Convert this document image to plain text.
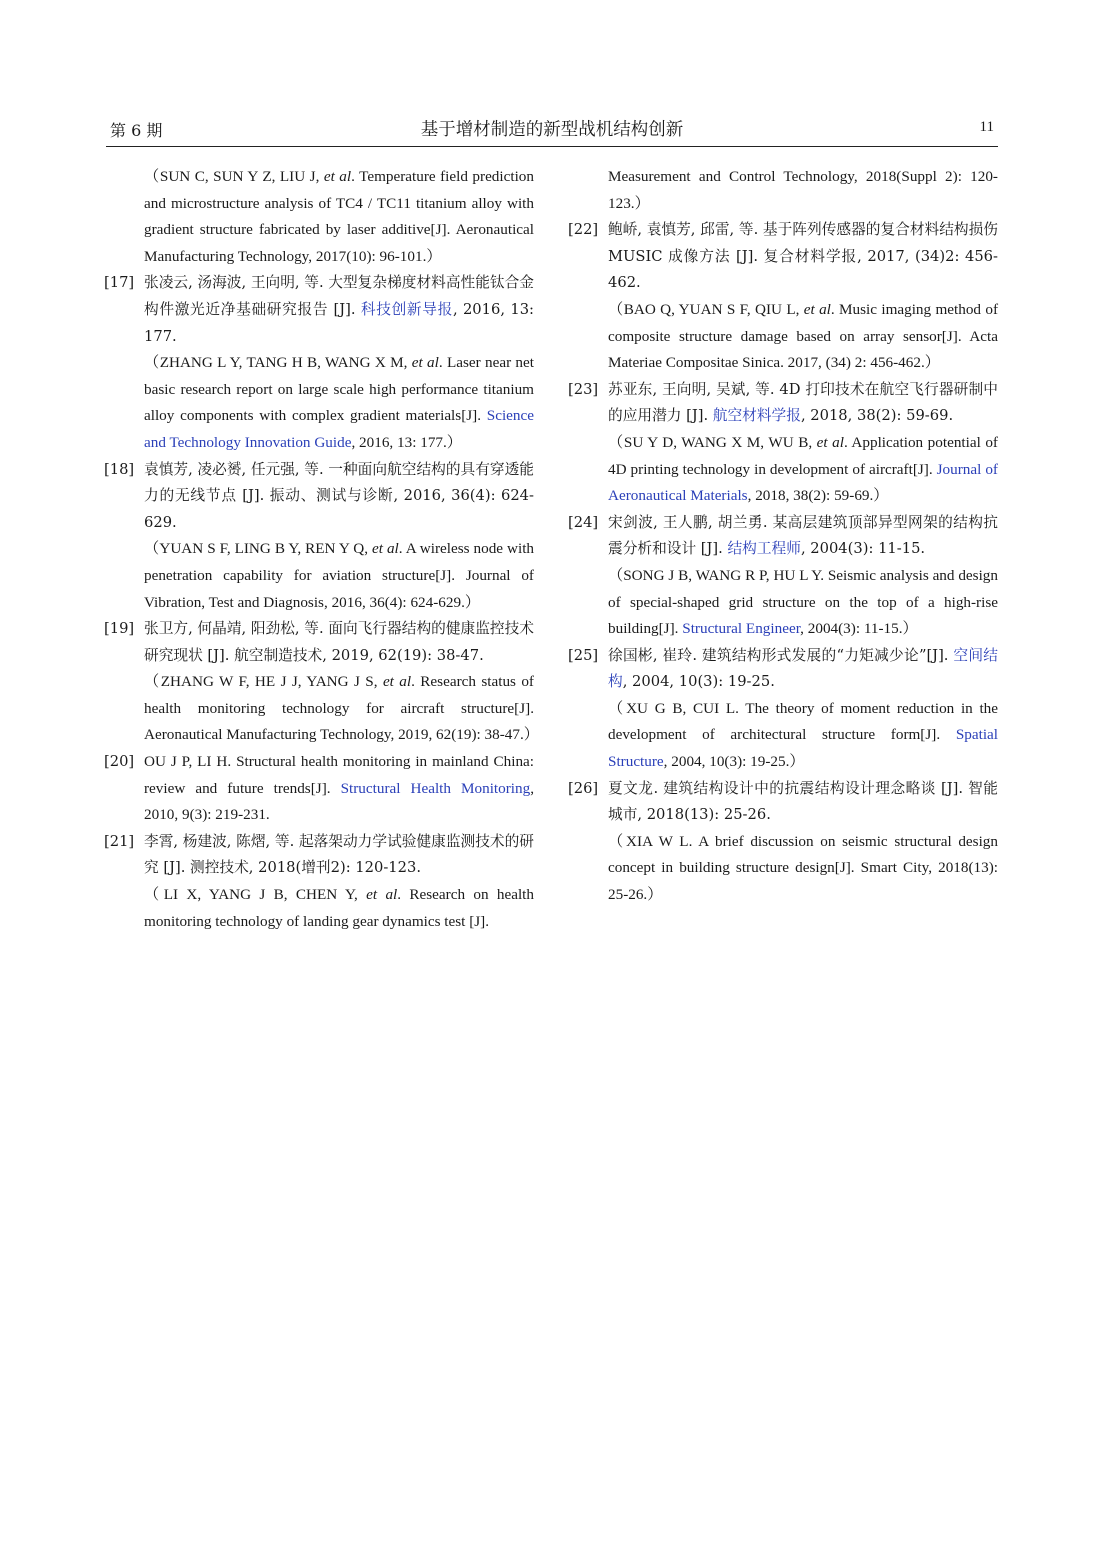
第 6 期	基于增材制造的新型战机结构创新	11
（SUN C, SUN Y Z, LIU J, et al. Temperature field prediction and microstructure analysis of TC4 / TC11 titanium alloy with gradient structure fabricated by laser additive[J]. Aeronautical Manufacturing Technology, 2017(10): 96-101.）
[17] 张凌云, 汤海波, 王向明, 等. 大型复杂梯度材料高性能钛合金构件激光近净基础研究报告 [J]. 科技创新导报, 2016, 13: 177.
（ZHANG L Y, TANG H B, WANG X M, et al. Laser near net basic research report on large scale high performance titanium alloy components with complex gradient materials[J]. Science and Technology Innovation Guide, 2016, 13: 177.）
[18] 袁慎芳, 凌必赟, 任元强, 等. 一种面向航空结构的具有穿透能力的无线节点 [J]. 振动、测试与诊断, 2016, 36(4): 624-629.
（YUAN S F, LING B Y, REN Y Q, et al. A wireless node with penetration capability for aviation structure[J]. Journal of Vibration, Test and Diagnosis, 2016, 36(4): 624-629.）
[19] 张卫方, 何晶靖, 阳劲松, 等. 面向飞行器结构的健康监控技术研究现状 [J]. 航空制造技术, 2019, 62(19): 38-47.
（ZHANG W F, HE J J, YANG J S, et al. Research status of health monitoring technology for aircraft structure[J]. Aeronautical Manufacturing Technology, 2019, 62(19): 38-47.）
[20] OU J P, LI H. Structural health monitoring in mainland China: review and future trends[J]. Structural Health Monitoring, 2010, 9(3): 219-231.
[21] 李霄, 杨建波, 陈熠, 等. 起落架动力学试验健康监测技术的研究 [J]. 测控技术, 2018(增刊2): 120-123.
（LI X, YANG J B, CHEN Y, et al. Research on health monitoring technology of landing gear dynamics test [J].
Measurement and Control Technology, 2018(Suppl 2): 120-123.）
[22] 鲍峤, 袁慎芳, 邱雷, 等. 基于阵列传感器的复合材料结构损伤 MUSIC 成像方法 [J]. 复合材料学报, 2017, (34)2: 456-462.
（BAO Q, YUAN S F, QIU L, et al. Music imaging method of composite structure damage based on array sensor[J]. Acta Materiae Compositae Sinica. 2017, (34) 2: 456-462.）
[23] 苏亚东, 王向明, 吴斌, 等. 4D 打印技术在航空飞行器研制中的应用潜力 [J]. 航空材料学报, 2018, 38(2): 59-69.
（SU Y D, WANG X M, WU B, et al. Application potential of 4D printing technology in development of aircraft[J]. Journal of Aeronautical Materials, 2018, 38(2): 59-69.）
[24] 宋剑波, 王人鹏, 胡兰勇. 某高层建筑顶部异型网架的结构抗震分析和设计 [J]. 结构工程师, 2004(3): 11-15.
（SONG J B, WANG R P, HU L Y. Seismic analysis and design of special-shaped grid structure on the top of a high-rise building[J]. Structural Engineer, 2004(3): 11-15.）
[25] 徐国彬, 崔玲. 建筑结构形式发展的“力矩减少论”[J]. 空间结构, 2004, 10(3): 19-25.
（XU G B, CUI L. The theory of moment reduction in the development of architectural structure form[J]. Spatial Structure, 2004, 10(3): 19-25.）
[26] 夏文龙. 建筑结构设计中的抗震结构设计理念略谈 [J]. 智能城市, 2018(13): 25-26.
（XIA W L. A brief discussion on seismic structural design concept in building structure design[J]. Smart City, 2018(13): 25-26.）
